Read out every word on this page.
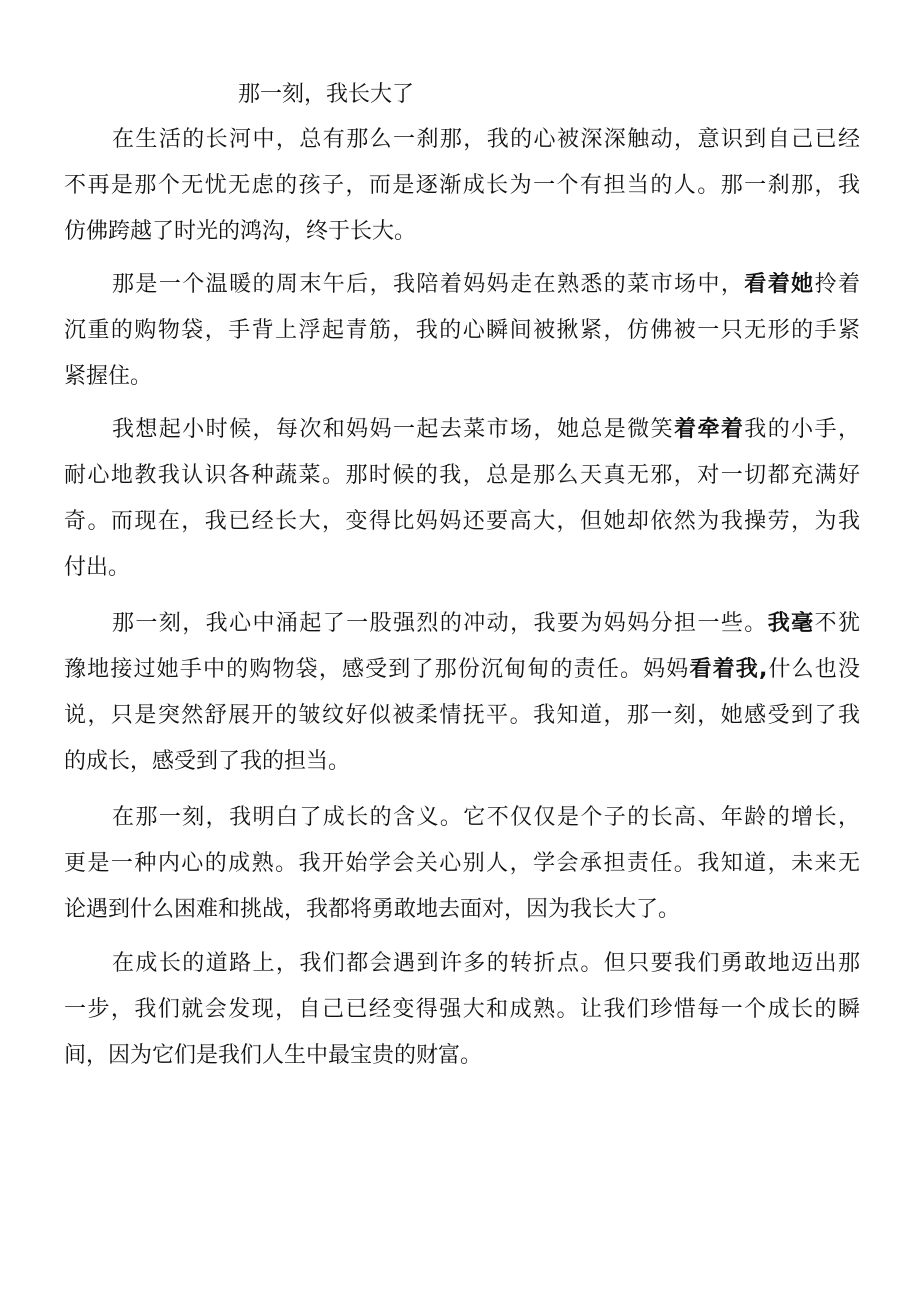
那一刻，我长大了
在生活的长河中，总有那么一刹那，我的心被深深触动，意识到自己已经
不再是那个无忧无虑的孩子，而是逐渐成长为一个有担当的人。那一刹那，我
仿佛跨越了时光的鸿沟，终于长大。
那是一个温暖的周末午后，我陪着妈妈走在熟悉的菜市场中，看着她拎着
沉重的购物袋，手背上浮起青筋，我的心瞬间被揪紧，仿佛被一只无形的手紧
紧握住。
我想起小时候，每次和妈妈一起去菜市场，她总是微笑着牵着我的小手，
耐心地教我认识各种蔬菜。那时候的我，总是那么天真无邪，对一切都充满好
奇。而现在，我已经长大，变得比妈妈还要高大，但她却依然为我操劳，为我
付出。
那一刻，我心中涌起了一股强烈的冲动，我要为妈妈分担一些。我毫不犹
豫地接过她手中的购物袋，感受到了那份沉甸甸的责任。妈妈看着我,什么也没
说，只是突然舒展开的皱纹好似被柔情抚平。我知道，那一刻，她感受到了我
的成长，感受到了我的担当。
在那一刻，我明白了成长的含义。它不仅仅是个子的长高、年龄的增长，
更是一种内心的成熟。我开始学会关心别人，学会承担责任。我知道，未来无
论遇到什么困难和挑战，我都将勇敢地去面对，因为我长大了。
在成长的道路上，我们都会遇到许多的转折点。但只要我们勇敢地迈出那
一步，我们就会发现，自己已经变得强大和成熟。让我们珍惜每一个成长的瞬
间，因为它们是我们人生中最宝贵的财富。
